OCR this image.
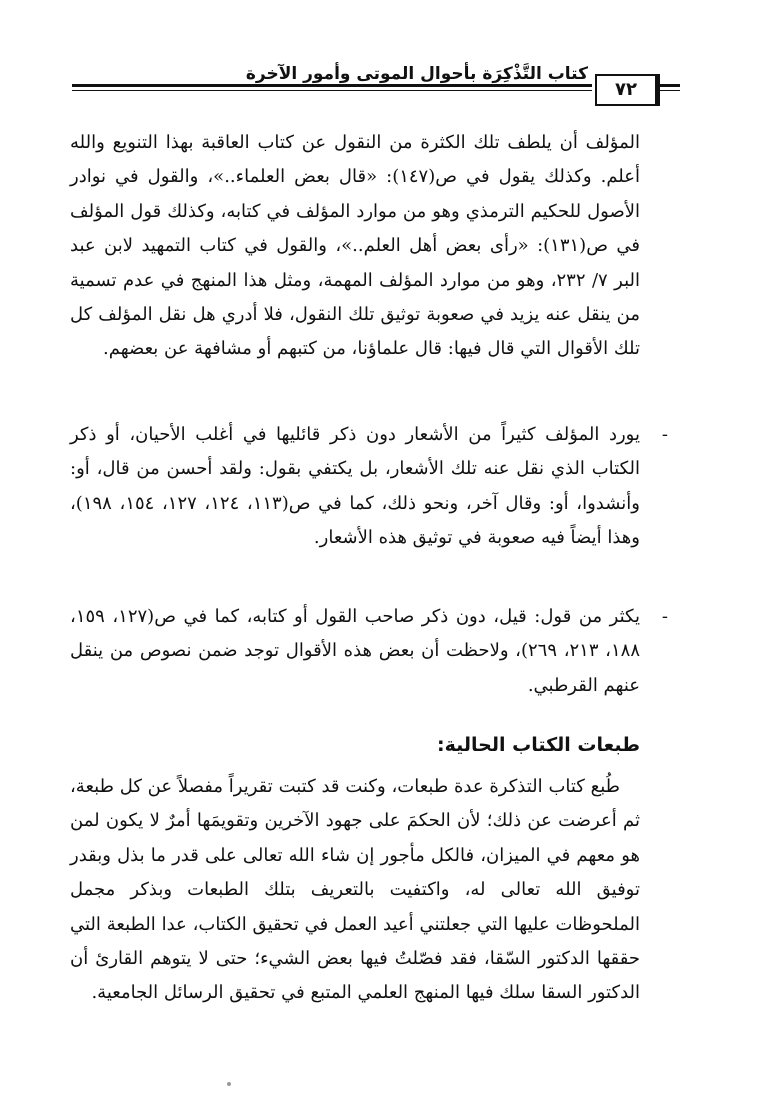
كتاب التَّذْكِرَة بأحوال الموتى وأمور الآخرة
٧٢
المؤلف أن يلطف تلك الكثرة من النقول عن كتاب العاقبة بهذا التنويع والله أعلم. وكذلك يقول في ص(١٤٧): «قال بعض العلماء..»، والقول في نوادر الأصول للحكيم الترمذي وهو من موارد المؤلف في كتابه، وكذلك قول المؤلف في ص(١٣١): «رأى بعض أهل العلم..»، والقول في كتاب التمهيد لابن عبد البر ٧/ ٢٣٢، وهو من موارد المؤلف المهمة، ومثل هذا المنهج في عدم تسمية من ينقل عنه يزيد في صعوبة توثيق تلك النقول، فلا أدري هل نقل المؤلف كل تلك الأقوال التي قال فيها: قال علماؤنا، من كتبهم أو مشافهة عن بعضهم.
-
يورد المؤلف كثيراً من الأشعار دون ذكر قائليها في أغلب الأحيان، أو ذكر الكتاب الذي نقل عنه تلك الأشعار، بل يكتفي بقول: ولقد أحسن من قال، أو: وأنشدوا، أو: وقال آخر، ونحو ذلك، كما في ص(١١٣، ١٢٤، ١٢٧، ١٥٤، ١٩٨)، وهذا أيضاً فيه صعوبة في توثيق هذه الأشعار.
-
يكثر من قول: قيل، دون ذكر صاحب القول أو كتابه، كما في ص(١٢٧، ١٥٩، ١٨٨، ٢١٣، ٢٦٩)، ولاحظت أن بعض هذه الأقوال توجد ضمن نصوص من ينقل عنهم القرطبي.
طبعات الكتاب الحالية:
طُبع كتاب التذكرة عدة طبعات، وكنت قد كتبت تقريراً مفصلاً عن كل طبعة، ثم أعرضت عن ذلك؛ لأن الحكمَ على جهود الآخرين وتقويمَها أمرٌ لا يكون لمن هو معهم في الميزان، فالكل مأجور إن شاء الله تعالى على قدر ما بذل وبقدر توفيق الله تعالى له، واكتفيت بالتعريف بتلك الطبعات وبذكر مجمل الملحوظات عليها التي جعلتني أعيد العمل في تحقيق الكتاب، عدا الطبعة التي حققها الدكتور السّقا، فقد فصّلتُ فيها بعض الشيء؛ حتى لا يتوهم القارئ أن الدكتور السقا سلك فيها المنهج العلمي المتبع في تحقيق الرسائل الجامعية.
